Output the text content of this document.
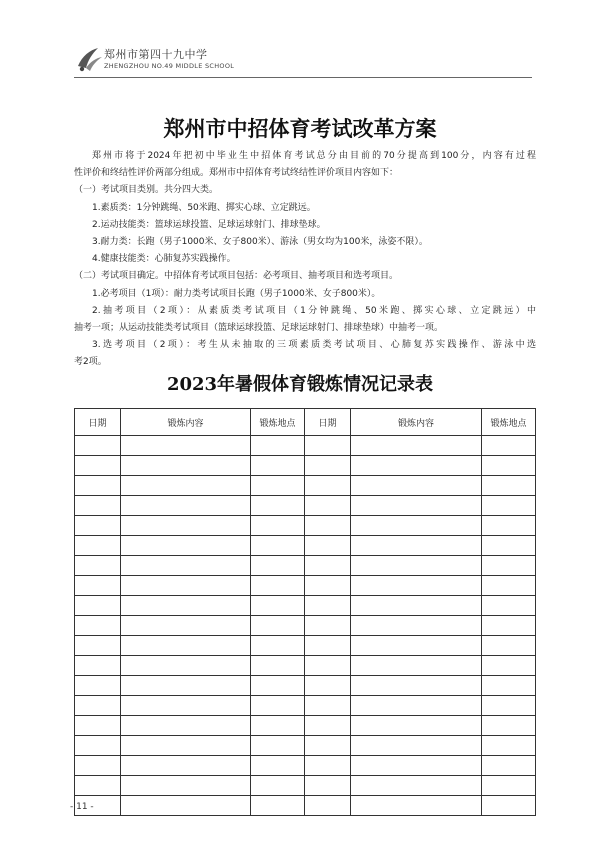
郑州市第四十九中学
ZHENGZHOU NO.49 MIDDLE SCHOOL
郑州市中招体育考试改革方案

郑州市将于2024年把初中毕业生中招体育考试总分由目前的70分提高到100分，内容有过程

性评价和终结性评价两部分组成。郑州市中招体育考试终结性评价项目内容如下：

（一）考试项目类别。共分四大类。

1.素质类：1分钟跳绳、50米跑、掷实心球、立定跳远。

2.运动技能类：篮球运球投篮、足球运球射门、排球垫球。

3.耐力类：长跑（男子1000米、女子800米）、游泳（男女均为100米，泳姿不限）。

4.健康技能类：心肺复苏实践操作。

（二）考试项目确定。中招体育考试项目包括：必考项目、抽考项目和选考项目。

1.必考项目（1项）：耐力类考试项目长跑（男子1000米、女子800米）。

2.抽考项目（2项）：从素质类考试项目（1分钟跳绳、50米跑、掷实心球、立定跳远）中

抽考一项；从运动技能类考试项目（篮球运球投篮、足球运球射门、排球垫球）中抽考一项。

3.选考项目（2项）：考生从未抽取的三项素质类考试项目、心肺复苏实践操作、游泳中选

考2项。

2023年暑假体育锻炼情况记录表
日期	锻炼内容	锻炼地点	日期	锻炼内容	锻炼地点

- 11 -
